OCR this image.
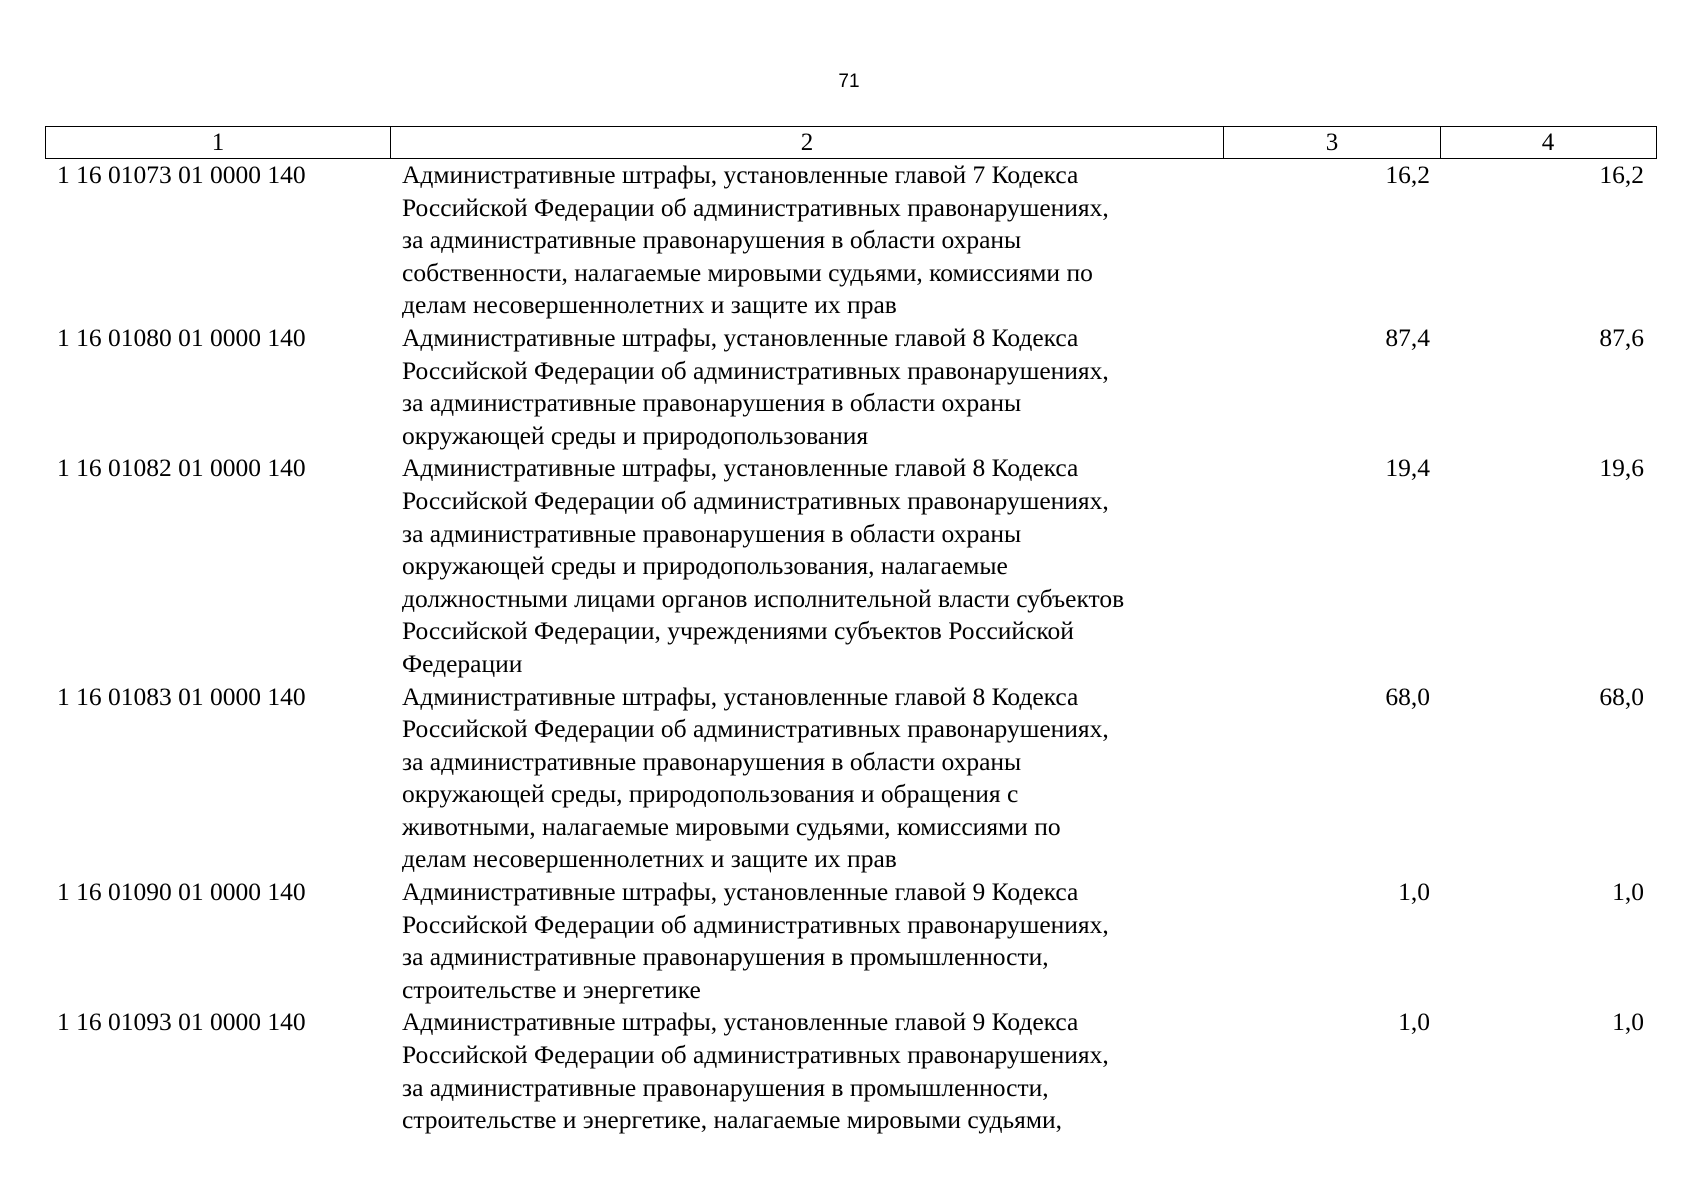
71
1	2	3	4
1 16 01073 01 0000 140	Административные штрафы, установленные главой 7 Кодекса
Российской Федерации об административных правонарушениях,
за административные правонарушения в области охраны
собственности, налагаемые мировыми судьями, комиссиями по
делам несовершеннолетних и защите их прав
16,2	16,2
1 16 01080 01 0000 140	Административные штрафы, установленные главой 8 Кодекса
Российской Федерации об административных правонарушениях,
за административные правонарушения в области охраны
окружающей среды и природопользования
87,4	87,6
1 16 01082 01 0000 140	Административные штрафы, установленные главой 8 Кодекса
Российской Федерации об административных правонарушениях,
за административные правонарушения в области охраны
окружающей среды и природопользования, налагаемые
должностными лицами органов исполнительной власти субъектов
Российской Федерации, учреждениями субъектов Российской
Федерации
19,4	19,6
1 16 01083 01 0000 140	Административные штрафы, установленные главой 8 Кодекса
Российской Федерации об административных правонарушениях,
за административные правонарушения в области охраны
окружающей среды, природопользования и обращения с
животными, налагаемые мировыми судьями, комиссиями по
делам несовершеннолетних и защите их прав
68,0	68,0
1 16 01090 01 0000 140	Административные штрафы, установленные главой 9 Кодекса
Российской Федерации об административных правонарушениях,
за административные правонарушения в промышленности,
строительстве и энергетике
1,0	1,0
1 16 01093 01 0000 140	Административные штрафы, установленные главой 9 Кодекса
Российской Федерации об административных правонарушениях,
за административные правонарушения в промышленности,
строительстве и энергетике, налагаемые мировыми судьями,
1,0	1,0
